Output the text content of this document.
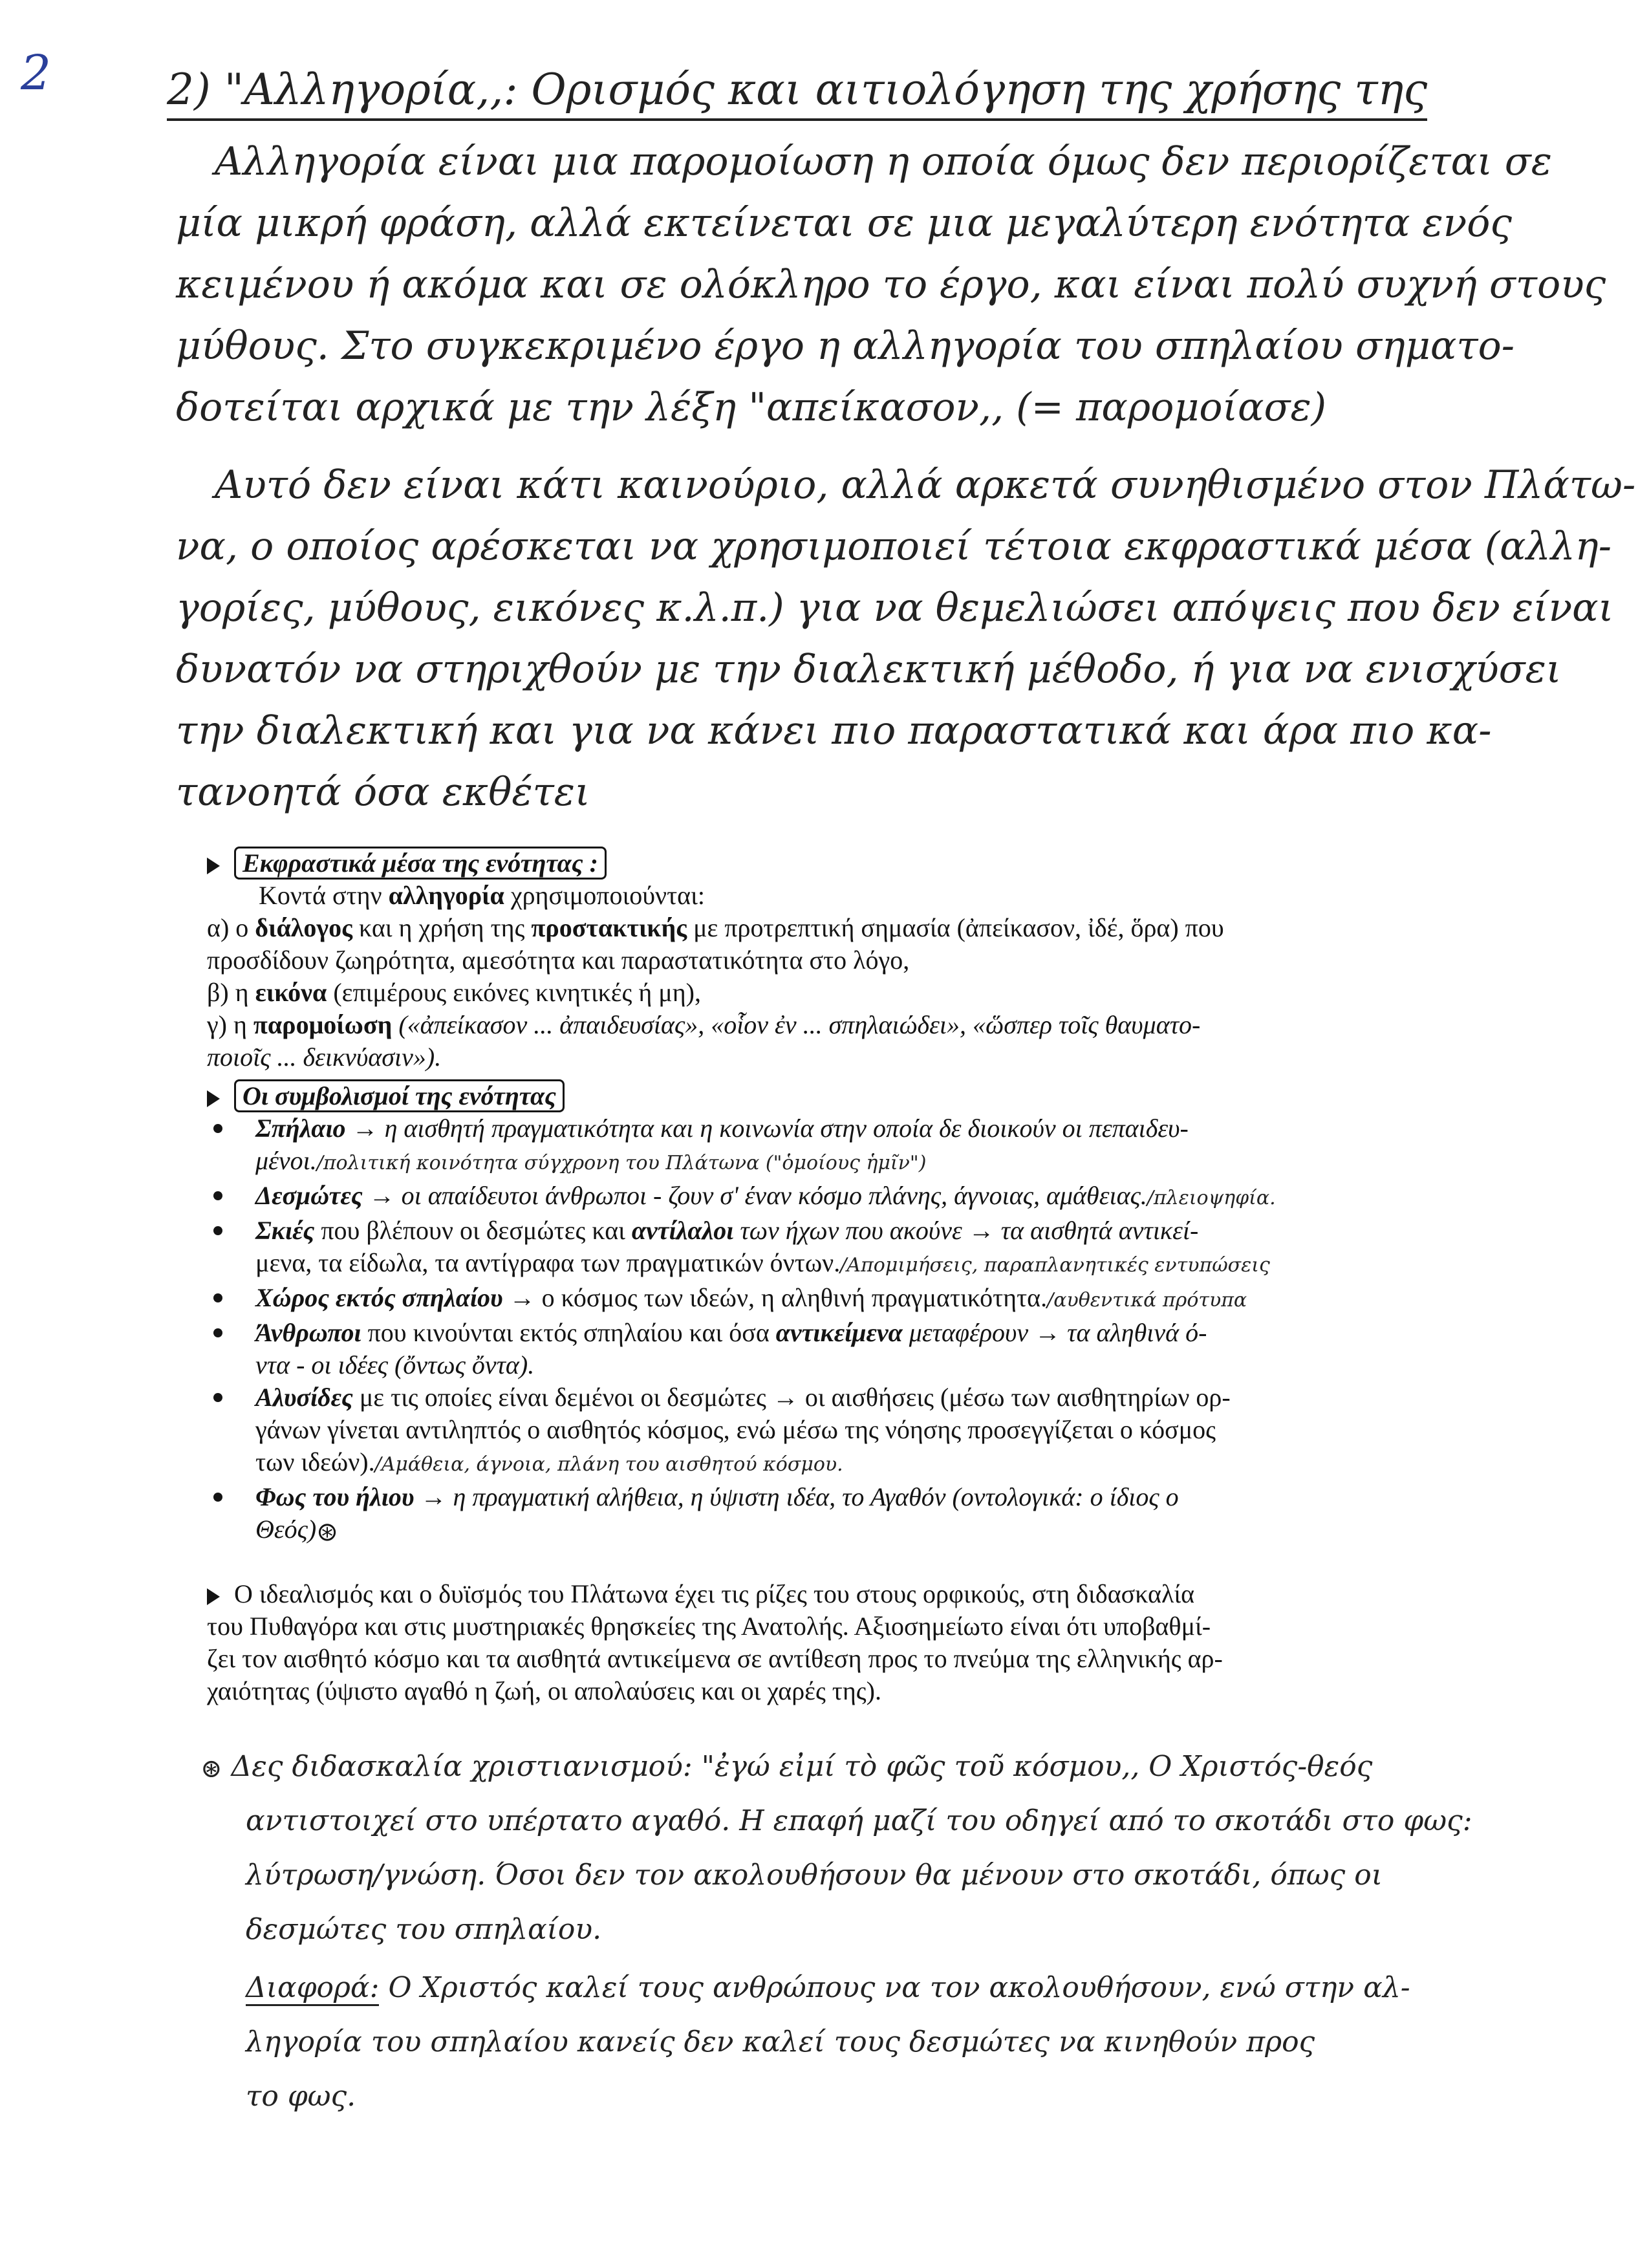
2	2) "Αλληγορία,,: Ορισμός και αιτιολόγηση της χρήσης της
Αλληγορία είναι μια παρομοίωση η οποία όμως δεν περιορίζεται σε
μία μικρή φράση, αλλά εκτείνεται σε μια μεγαλύτερη ενότητα ενός
κειμένου ή ακόμα και σε ολόκληρο το έργο, και είναι πολύ συχνή στους
μύθους. Στο συγκεκριμένο έργο η αλληγορία του σπηλαίου σηματο-
δοτείται αρχικά με την λέξη "απείκασον,, (= παρομοίασε)
Αυτό δεν είναι κάτι καινούριο, αλλά αρκετά συνηθισμένο στον Πλάτω-
να, ο οποίος αρέσκεται να χρησιμοποιεί τέτοια εκφραστικά μέσα (αλλη-
γορίες, μύθους, εικόνες κ.λ.π.) για να θεμελιώσει απόψεις που δεν είναι
δυνατόν να στηριχθούν με την διαλεκτική μέθοδο, ή για να ενισχύσει
την διαλεκτική και για να κάνει πιο παραστατικά και άρα πιο κα-
τανοητά όσα εκθέτει
Εκφραστικά μέσα της ενότητας :
Κοντά στην αλληγορία χρησιμοποιούνται:
α) ο διάλογος και η χρήση της προστακτικής με προτρεπτική σημασία (ἀπείκασον, ἰδέ, ὅρα) που
προσδίδουν ζωηρότητα, αμεσότητα και παραστατικότητα στο λόγο,
β) η εικόνα (επιμέρους εικόνες κινητικές ή μη),
γ) η παρομοίωση («ἀπείκασον ... ἀπαιδευσίας», «οἷον ἐν ... σπηλαιώδει», «ὥσπερ τοῖς θαυματο-
ποιοῖς ... δεικνύασιν»).
Οι συμβολισμοί της ενότητας
Σπήλαιο → η αισθητή πραγματικότητα και η κοινωνία στην οποία δε διοικούν οι πεπαιδευ-
μένοι./πολιτική κοινότητα σύγχρονη του Πλάτωνα ("ὁμοίους ἡμῖν")
Δεσμώτες → οι απαίδευτοι άνθρωποι - ζουν σ' έναν κόσμο πλάνης, άγνοιας, αμάθειας./πλειοψηφία.
Σκιές που βλέπουν οι δεσμώτες και αντίλαλοι των ήχων που ακούνε → τα αισθητά αντικεί-
μενα, τα είδωλα, τα αντίγραφα των πραγματικών όντων./Απομιμήσεις, παραπλανητικές εντυπώσεις
Χώρος εκτός σπηλαίου → ο κόσμος των ιδεών, η αληθινή πραγματικότητα./αυθεντικά πρότυπα
Άνθρωποι που κινούνται εκτός σπηλαίου και όσα αντικείμενα μεταφέρουν → τα αληθινά ό-
ντα - οι ιδέες (ὄντως ὄντα).
Αλυσίδες με τις οποίες είναι δεμένοι οι δεσμώτες → οι αισθήσεις (μέσω των αισθητηρίων ορ-
γάνων γίνεται αντιληπτός ο αισθητός κόσμος, ενώ μέσω της νόησης προσεγγίζεται ο κόσμος
των ιδεών)./Αμάθεια, άγνοια, πλάνη του αισθητού κόσμου.
Φως του ήλιου → η πραγματική αλήθεια, η ύψιστη ιδέα, το Αγαθόν (οντολογικά: ο ίδιος ο
Θεός)⊛
Ο ιδεαλισμός και ο δυϊσμός του Πλάτωνα έχει τις ρίζες του στους ορφικούς, στη διδασκαλία
του Πυθαγόρα και στις μυστηριακές θρησκείες της Ανατολής. Αξιοσημείωτο είναι ότι υποβαθμί-
ζει τον αισθητό κόσμο και τα αισθητά αντικείμενα σε αντίθεση προς το πνεύμα της ελληνικής αρ-
χαιότητας (ύψιστο αγαθό η ζωή, οι απολαύσεις και οι χαρές της).
⊛ Δες διδασκαλία χριστιανισμού: "ἐγώ εἰμί τὸ φῶς τοῦ κόσμου,, Ο Χριστός-θεός
αντιστοιχεί στο υπέρτατο αγαθό. Η επαφή μαζί του οδηγεί από το σκοτάδι στο φως:
λύτρωση/γνώση. Όσοι δεν τον ακολουθήσουν θα μένουν στο σκοτάδι, όπως οι
δεσμώτες του σπηλαίου.
Διαφορά: Ο Χριστός καλεί τους ανθρώπους να τον ακολουθήσουν, ενώ στην αλ-
ληγορία του σπηλαίου κανείς δεν καλεί τους δεσμώτες να κινηθούν προς
το φως.
